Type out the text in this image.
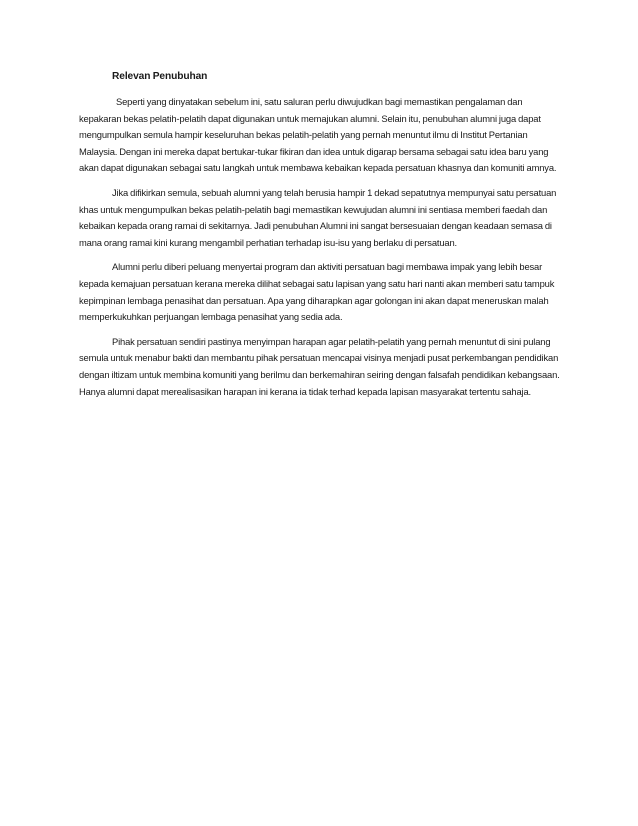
Relevan Penubuhan

Seperti yang dinyatakan sebelum ini, satu saluran perlu diwujudkan bagi memastikan pengalaman dan kepakaran bekas pelatih-pelatih dapat digunakan untuk memajukan alumni. Selain itu, penubuhan alumni juga dapat mengumpulkan semula hampir keseluruhan bekas pelatih-pelatih yang pernah menuntut ilmu di Institut Pertanian Malaysia. Dengan ini mereka dapat bertukar-tukar fikiran dan idea untuk digarap bersama sebagai satu idea baru yang akan dapat digunakan sebagai satu langkah untuk membawa kebaikan kepada persatuan khasnya dan komuniti amnya.

Jika difikirkan semula, sebuah alumni yang telah berusia hampir 1 dekad sepatutnya mempunyai satu persatuan khas untuk mengumpulkan bekas pelatih-pelatih bagi memastikan kewujudan alumni ini sentiasa memberi faedah dan kebaikan kepada orang ramai di sekitarnya. Jadi penubuhan Alumni ini sangat bersesuaian dengan keadaan semasa di mana orang ramai kini kurang mengambil perhatian terhadap isu-isu yang berlaku di persatuan.

Alumni perlu diberi peluang menyertai program dan aktiviti persatuan bagi membawa impak yang lebih besar kepada kemajuan persatuan kerana mereka dilihat sebagai satu lapisan yang satu hari nanti akan memberi satu tampuk kepimpinan lembaga penasihat dan persatuan. Apa yang diharapkan agar golongan ini akan dapat meneruskan malah memperkukuhkan perjuangan lembaga penasihat yang sedia ada.

Pihak persatuan sendiri pastinya menyimpan harapan agar pelatih-pelatih yang pernah menuntut di sini pulang semula untuk menabur bakti dan membantu pihak persatuan mencapai visinya menjadi pusat perkembangan pendidikan dengan iltizam untuk membina komuniti yang berilmu dan berkemahiran seiring dengan falsafah pendidikan kebangsaan. Hanya alumni dapat merealisasikan harapan ini kerana ia tidak terhad kepada lapisan masyarakat tertentu sahaja.
